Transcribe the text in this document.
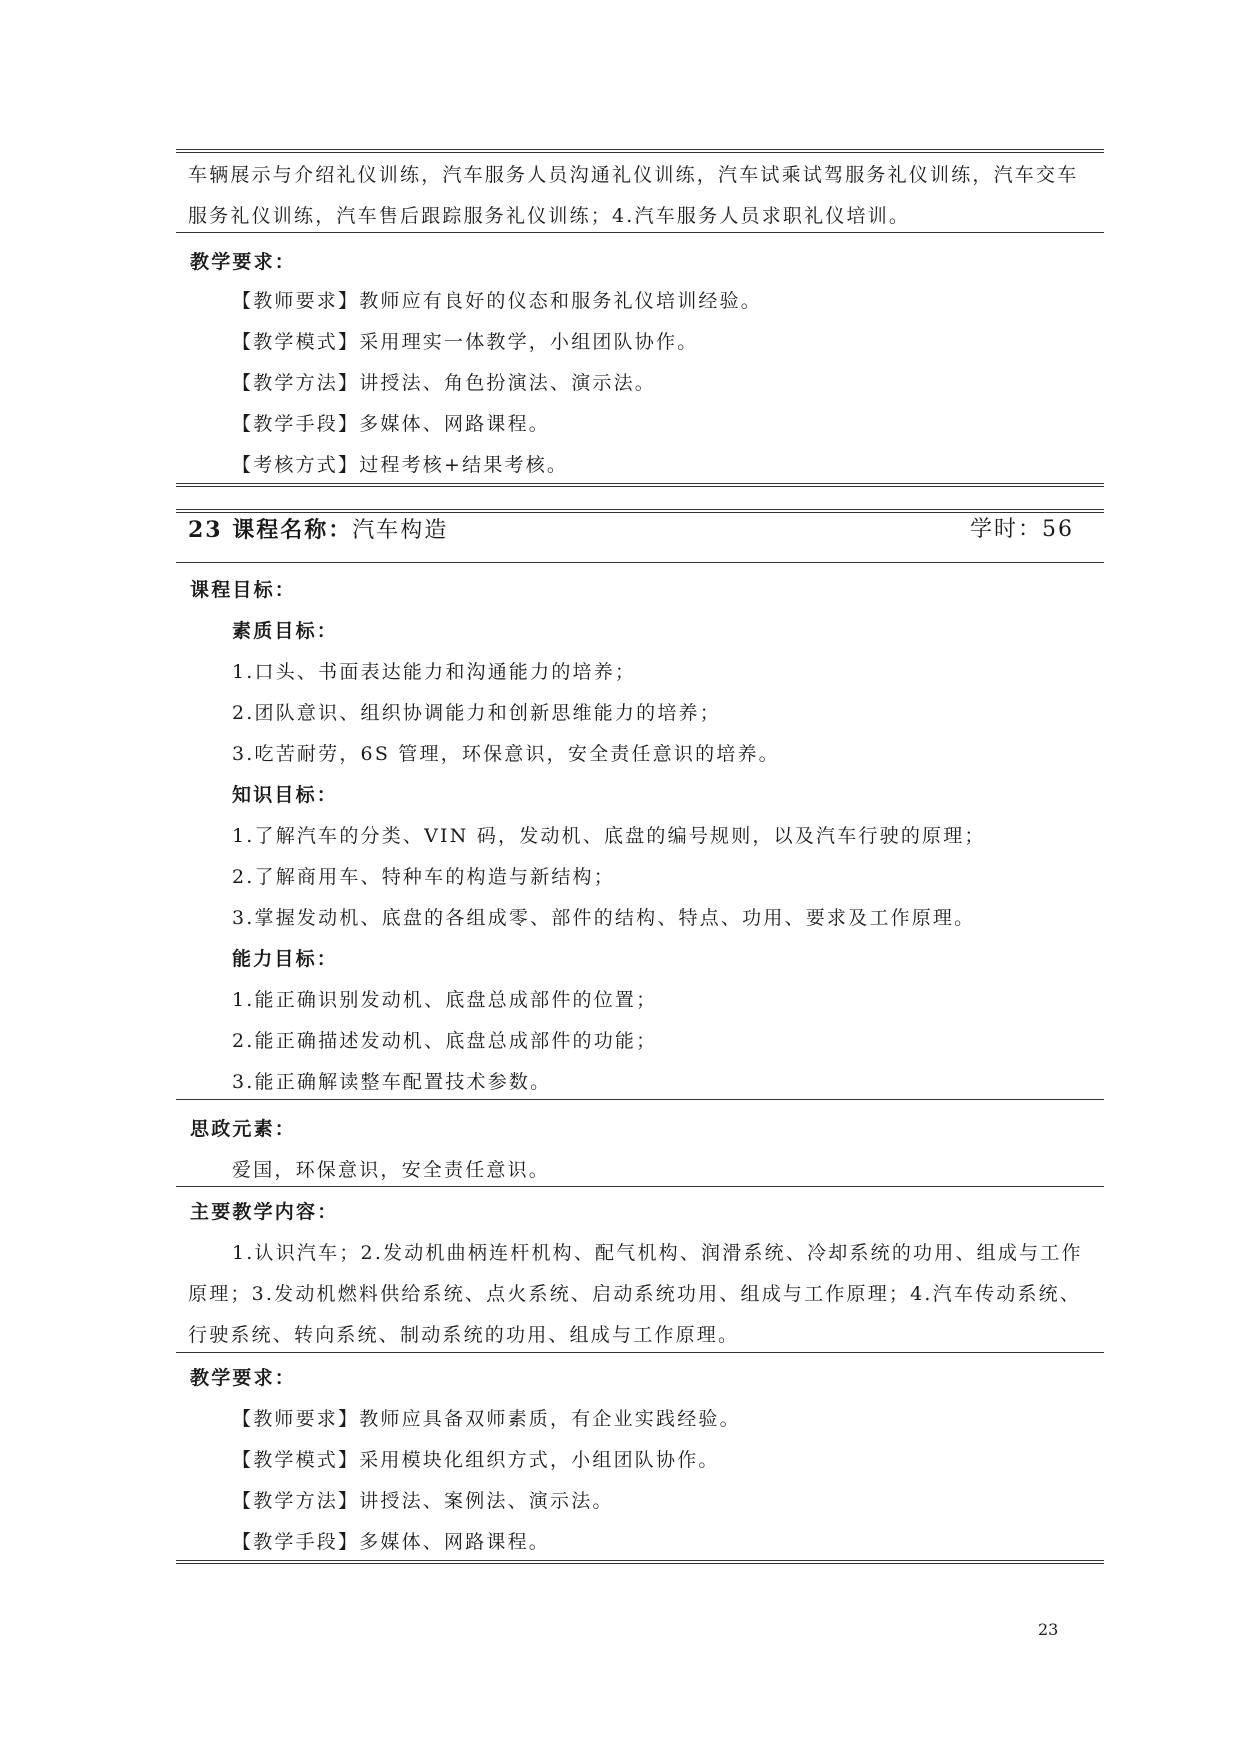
车辆展示与介绍礼仪训练，汽车服务人员沟通礼仪训练，汽车试乘试驾服务礼仪训练，汽车交车
服务礼仪训练，汽车售后跟踪服务礼仪训练；4.汽车服务人员求职礼仪培训。
教学要求：
【教师要求】教师应有良好的仪态和服务礼仪培训经验。
【教学模式】采用理实一体教学，小组团队协作。
【教学方法】讲授法、角色扮演法、演示法。
【教学手段】多媒体、网路课程。
【考核方式】过程考核+结果考核。
23 课程名称：汽车构造	学时：56
课程目标：
素质目标：
1.口头、书面表达能力和沟通能力的培养；
2.团队意识、组织协调能力和创新思维能力的培养；
3.吃苦耐劳，6S 管理，环保意识，安全责任意识的培养。
知识目标：
1.了解汽车的分类、VIN 码，发动机、底盘的编号规则，以及汽车行驶的原理；
2.了解商用车、特种车的构造与新结构；
3.掌握发动机、底盘的各组成零、部件的结构、特点、功用、要求及工作原理。
能力目标：
1.能正确识别发动机、底盘总成部件的位置；
2.能正确描述发动机、底盘总成部件的功能；
3.能正确解读整车配置技术参数。
思政元素：
爱国，环保意识，安全责任意识。
主要教学内容：
1.认识汽车；2.发动机曲柄连杆机构、配气机构、润滑系统、冷却系统的功用、组成与工作
原理；3.发动机燃料供给系统、点火系统、启动系统功用、组成与工作原理；4.汽车传动系统、
行驶系统、转向系统、制动系统的功用、组成与工作原理。
教学要求：
【教师要求】教师应具备双师素质，有企业实践经验。
【教学模式】采用模块化组织方式，小组团队协作。
【教学方法】讲授法、案例法、演示法。
【教学手段】多媒体、网路课程。
23
